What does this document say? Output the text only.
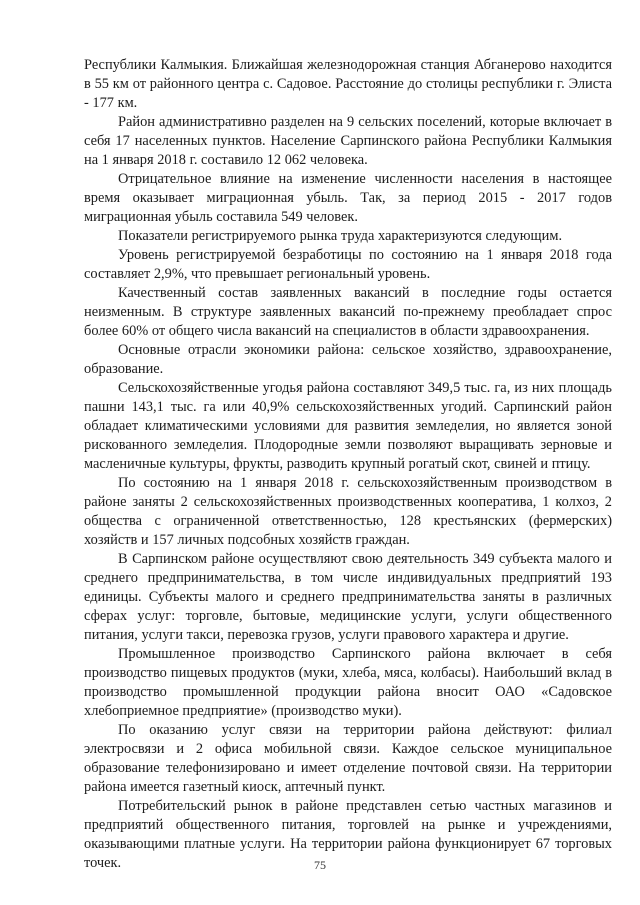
Республики Калмыкия. Ближайшая железнодорожная станция Абганерово находится в 55 км от районного центра с. Садовое. Расстояние до столицы республики г. Элиста - 177 км.

Район административно разделен на 9 сельских поселений, которые включает в себя 17 населенных пунктов. Население Сарпинского района Республики Калмыкия на 1 января 2018 г. составило 12 062 человека.

Отрицательное влияние на изменение численности населения в настоящее время оказывает миграционная убыль. Так, за период 2015 - 2017 годов миграционная убыль составила 549 человек.

Показатели регистрируемого рынка труда характеризуются следующим.

Уровень регистрируемой безработицы по состоянию на 1 января 2018 года составляет 2,9%, что превышает региональный уровень.

Качественный состав заявленных вакансий в последние годы остается неизменным. В структуре заявленных вакансий по-прежнему преобладает спрос более 60% от общего числа вакансий на специалистов в области здравоохранения.

Основные отрасли экономики района: сельское хозяйство, здравоохранение, образование.

Сельскохозяйственные угодья района составляют 349,5 тыс. га, из них площадь пашни 143,1 тыс. га или 40,9% сельскохозяйственных угодий. Сарпинский район обладает климатическими условиями для развития земледелия, но является зоной рискованного земледелия. Плодородные земли позволяют выращивать зерновые и масленичные культуры, фрукты, разводить крупный рогатый скот, свиней и птицу.

По состоянию на 1 января 2018 г. сельскохозяйственным производством в районе заняты 2 сельскохозяйственных производственных кооператива, 1 колхоз, 2 общества с ограниченной ответственностью, 128 крестьянских (фермерских) хозяйств и 157 личных подсобных хозяйств граждан.

В Сарпинском районе осуществляют свою деятельность 349 субъекта малого и среднего предпринимательства, в том числе индивидуальных предприятий 193 единицы. Субъекты малого и среднего предпринимательства заняты в различных сферах услуг: торговле, бытовые, медицинские услуги, услуги общественного питания, услуги такси, перевозка грузов, услуги правового характера и другие.

Промышленное производство Сарпинского района включает в себя производство пищевых продуктов (муки, хлеба, мяса, колбасы). Наибольший вклад в производство промышленной продукции района вносит ОАО «Садовское хлебоприемное предприятие» (производство муки).

По оказанию услуг связи на территории района действуют: филиал электросвязи и 2 офиса мобильной связи. Каждое сельское муниципальное образование телефонизировано и имеет отделение почтовой связи. На территории района имеется газетный киоск, аптечный пункт.

Потребительский рынок в районе представлен сетью частных магазинов и предприятий общественного питания, торговлей на рынке и учреждениями, оказывающими платные услуги. На территории района функционирует 67 торговых точек.	75
